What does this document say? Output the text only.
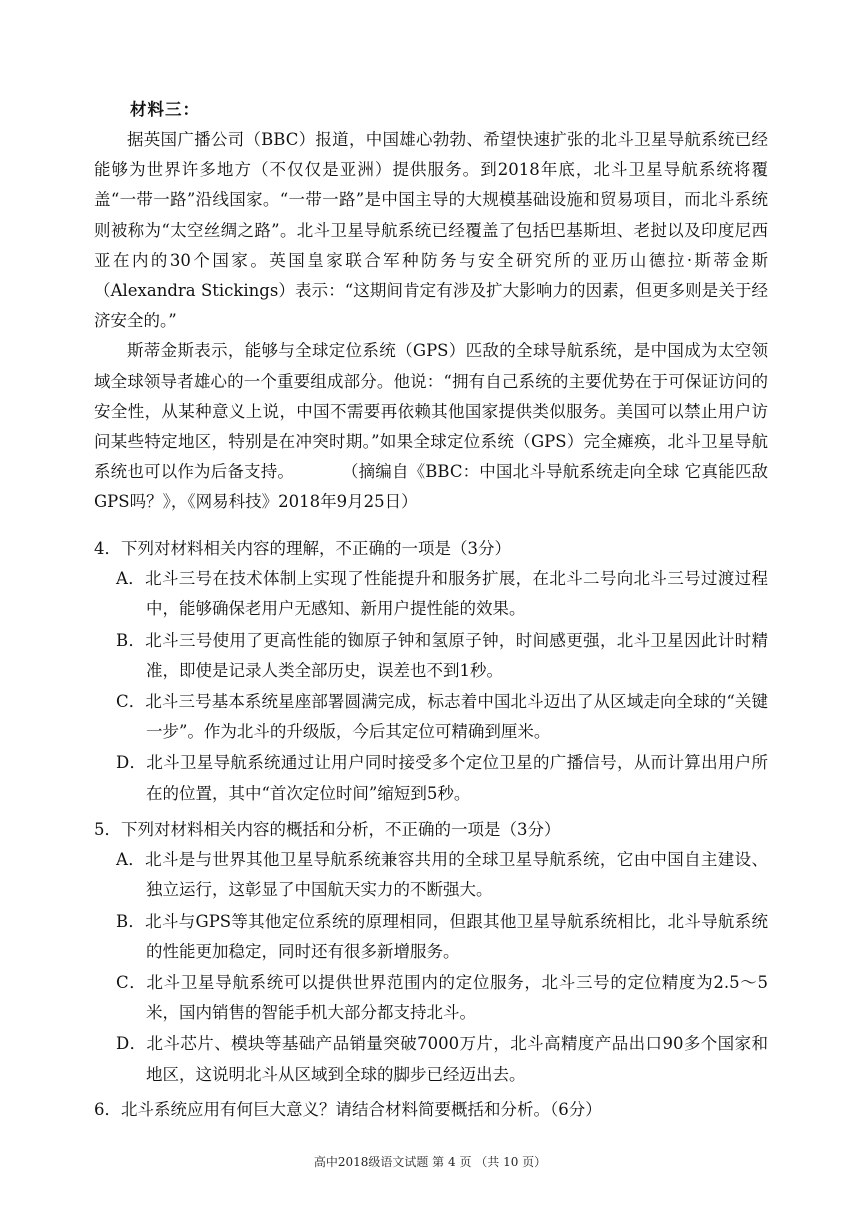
材料三：

据英国广播公司（BBC）报道，中国雄心勃勃、希望快速扩张的北斗卫星导航系统已经能够为世界许多地方（不仅仅是亚洲）提供服务。到2018年底，北斗卫星导航系统将覆盖“一带一路”沿线国家。“一带一路”是中国主导的大规模基础设施和贸易项目，而北斗系统则被称为“太空丝绸之路”。北斗卫星导航系统已经覆盖了包括巴基斯坦、老挝以及印度尼西亚在内的30个国家。英国皇家联合军种防务与安全研究所的亚历山德拉·斯蒂金斯（Alexandra Stickings）表示：“这期间肯定有涉及扩大影响力的因素，但更多则是关于经济安全的。”

斯蒂金斯表示，能够与全球定位系统（GPS）匹敌的全球导航系统，是中国成为太空领域全球领导者雄心的一个重要组成部分。他说：“拥有自己系统的主要优势在于可保证访问的安全性，从某种意义上说，中国不需要再依赖其他国家提供类似服务。美国可以禁止用户访问某些特定地区，特别是在冲突时期。”如果全球定位系统（GPS）完全瘫痪，北斗卫星导航系统也可以作为后备支持。	（摘编自《BBC：中国北斗导航系统走向全球 它真能匹敌GPS吗？》，《网易科技》2018年9月25日）

4．下列对材料相关内容的理解，不正确的一项是（3分）

A．北斗三号在技术体制上实现了性能提升和服务扩展，在北斗二号向北斗三号过渡过程中，能够确保老用户无感知、新用户提性能的效果。

B．北斗三号使用了更高性能的铷原子钟和氢原子钟，时间感更强，北斗卫星因此计时精准，即使是记录人类全部历史，误差也不到1秒。

C．北斗三号基本系统星座部署圆满完成，标志着中国北斗迈出了从区域走向全球的“关键一步”。作为北斗的升级版，今后其定位可精确到厘米。

D．北斗卫星导航系统通过让用户同时接受多个定位卫星的广播信号，从而计算出用户所在的位置，其中“首次定位时间”缩短到5秒。

5．下列对材料相关内容的概括和分析，不正确的一项是（3分）

A．北斗是与世界其他卫星导航系统兼容共用的全球卫星导航系统，它由中国自主建设、独立运行，这彰显了中国航天实力的不断强大。

B．北斗与GPS等其他定位系统的原理相同，但跟其他卫星导航系统相比，北斗导航系统的性能更加稳定，同时还有很多新增服务。

C．北斗卫星导航系统可以提供世界范围内的定位服务，北斗三号的定位精度为2.5～5米，国内销售的智能手机大部分都支持北斗。

D．北斗芯片、模块等基础产品销量突破7000万片，北斗高精度产品出口90多个国家和地区，这说明北斗从区域到全球的脚步已经迈出去。

6．北斗系统应用有何巨大意义？请结合材料简要概括和分析。（6分）

高中2018级语文试题 第 4 页 （共 10 页）
